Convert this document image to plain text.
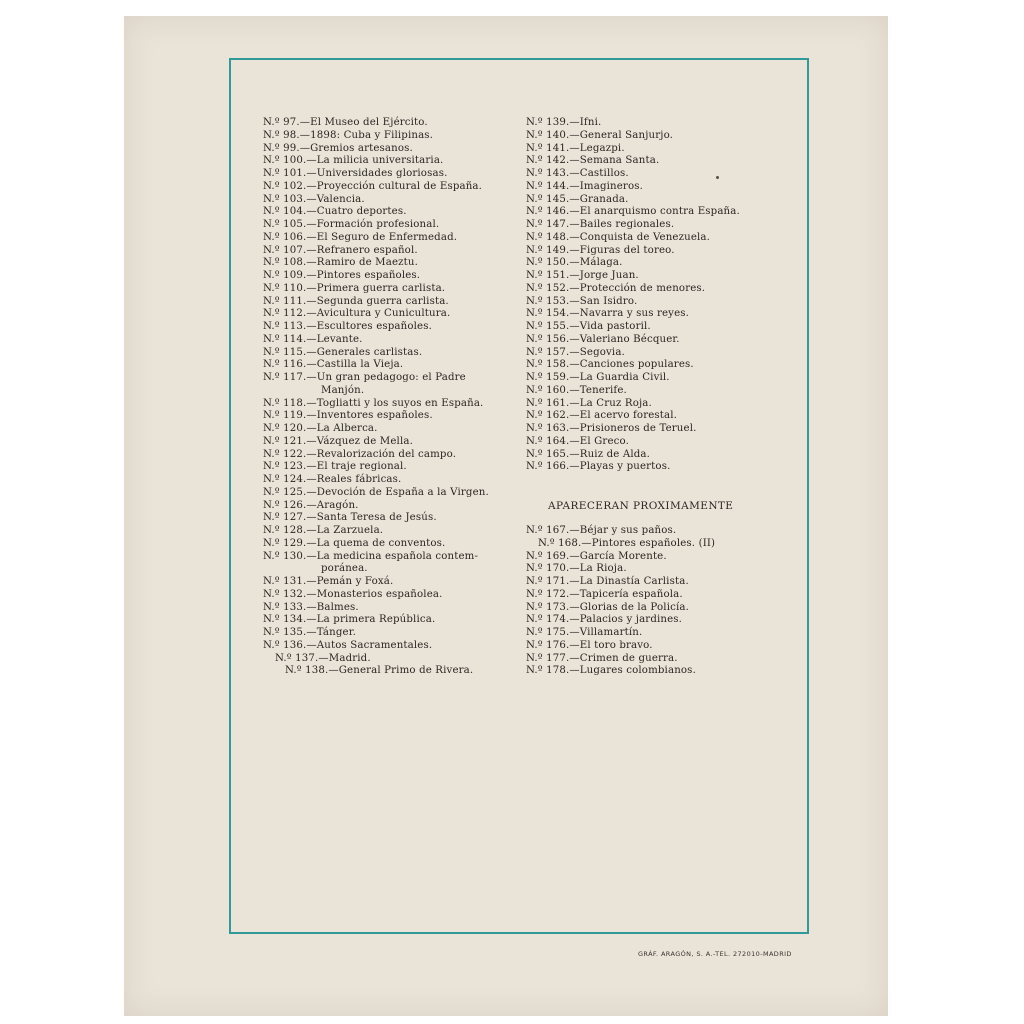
N.º 97.—El Museo del Ejército.
N.º 98.—1898: Cuba y Filipinas.
N.º 99.—Gremios artesanos.
N.º 100.—La milicia universitaria.
N.º 101.—Universidades gloriosas.
N.º 102.—Proyección cultural de España.
N.º 103.—Valencia.
N.º 104.—Cuatro deportes.
N.º 105.—Formación profesional.
N.º 106.—El Seguro de Enfermedad.
N.º 107.—Refranero español.
N.º 108.—Ramiro de Maeztu.
N.º 109.—Pintores españoles.
N.º 110.—Primera guerra carlista.
N.º 111.—Segunda guerra carlista.
N.º 112.—Avicultura y Cunicultura.
N.º 113.—Escultores españoles.
N.º 114.—Levante.
N.º 115.—Generales carlistas.
N.º 116.—Castilla la Vieja.
N.º 117.—Un gran pedagogo: el Padre
Manjón.
N.º 118.—Togliatti y los suyos en España.
N.º 119.—Inventores españoles.
N.º 120.—La Alberca.
N.º 121.—Vázquez de Mella.
N.º 122.—Revalorización del campo.
N.º 123.—El traje regional.
N.º 124.—Reales fábricas.
N.º 125.—Devoción de España a la Virgen.
N.º 126.—Aragón.
N.º 127.—Santa Teresa de Jesús.
N.º 128.—La Zarzuela.
N.º 129.—La quema de conventos.
N.º 130.—La medicina española contem-
poránea.
N.º 131.—Pemán y Foxá.
N.º 132.—Monasterios españolea.
N.º 133.—Balmes.
N.º 134.—La primera República.
N.º 135.—Tánger.
N.º 136.—Autos Sacramentales.
N.º 137.—Madrid.
N.º 138.—General Primo de Rivera.
N.º 139.—Ifni.
N.º 140.—General Sanjurjo.
N.º 141.—Legazpi.
N.º 142.—Semana Santa.
N.º 143.—Castillos.
N.º 144.—Imagineros.
N.º 145.—Granada.
N.º 146.—El anarquismo contra España.
N.º 147.—Bailes regionales.
N.º 148.—Conquista de Venezuela.
N.º 149.—Figuras del toreo.
N.º 150.—Málaga.
N.º 151.—Jorge Juan.
N.º 152.—Protección de menores.
N.º 153.—San Isidro.
N.º 154.—Navarra y sus reyes.
N.º 155.—Vida pastoril.
N.º 156.—Valeriano Bécquer.
N.º 157.—Segovia.
N.º 158.—Canciones populares.
N.º 159.—La Guardia Civil.
N.º 160.—Tenerife.
N.º 161.—La Cruz Roja.
N.º 162.—El acervo forestal.
N.º 163.—Prisioneros de Teruel.
N.º 164.—El Greco.
N.º 165.—Ruiz de Alda.
N.º 166.—Playas y puertos.
APARECERAN PROXIMAMENTE
N.º 167.—Béjar y sus paños.
N.º 168.—Pintores españoles. (II)
N.º 169.—García Morente.
N.º 170.—La Rioja.
N.º 171.—La Dinastía Carlista.
N.º 172.—Tapicería española.
N.º 173.—Glorias de la Policía.
N.º 174.—Palacios y jardines.
N.º 175.—Villamartín.
N.º 176.—El toro bravo.
N.º 177.—Crimen de guerra.
N.º 178.—Lugares colombianos.
GRÁF. ARAGÓN, S. A.-TEL. 272010-MADRID
